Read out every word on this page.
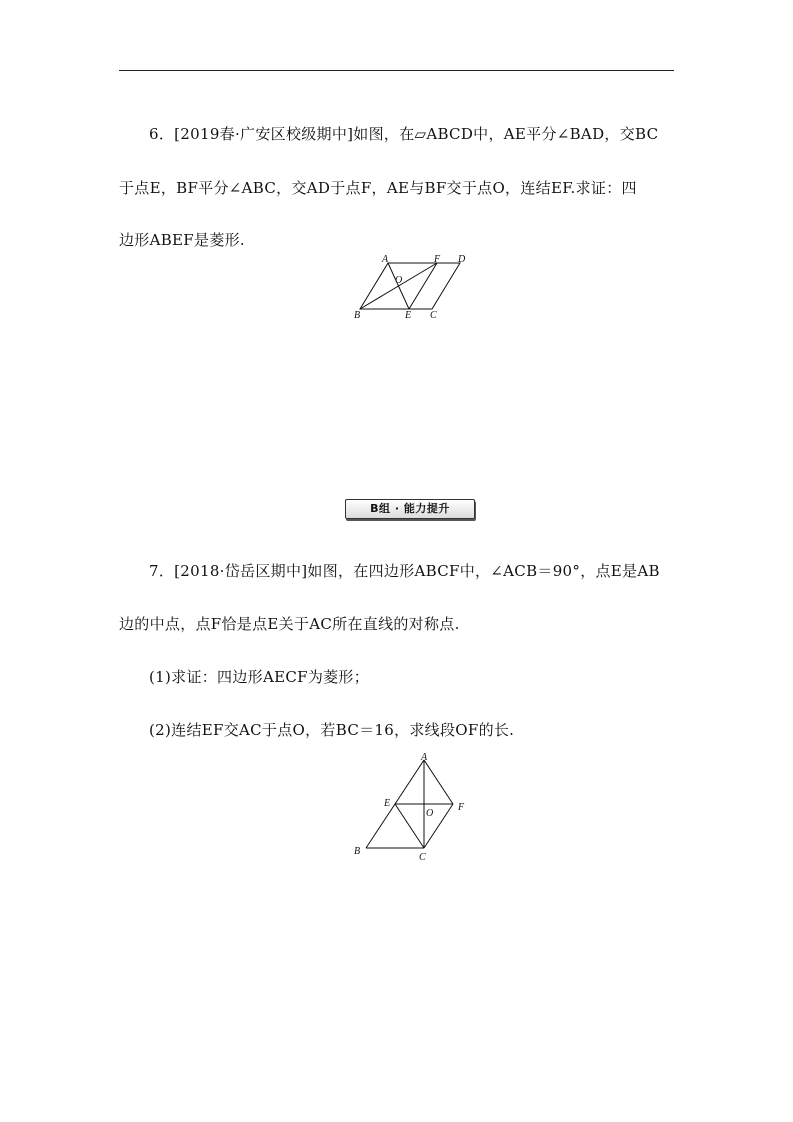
6．[2019春·广安区校级期中]如图，在▱ABCD中，AE平分∠BAD，交BC
于点E，BF平分∠ABC，交AD于点F，AE与BF交于点O，连结EF.求证：四
边形ABEF是菱形.
A	F D
O
B	E C
B组 · 能力提升
7．[2018·岱岳区期中]如图，在四边形ABCF中，∠ACB＝90°，点E是AB
边的中点，点F恰是点E关于AC所在直线的对称点.
(1)求证：四边形AECF为菱形；
(2)连结EF交AC于点O，若BC＝16，求线段OF的长.
A
E	F
O
B
C
